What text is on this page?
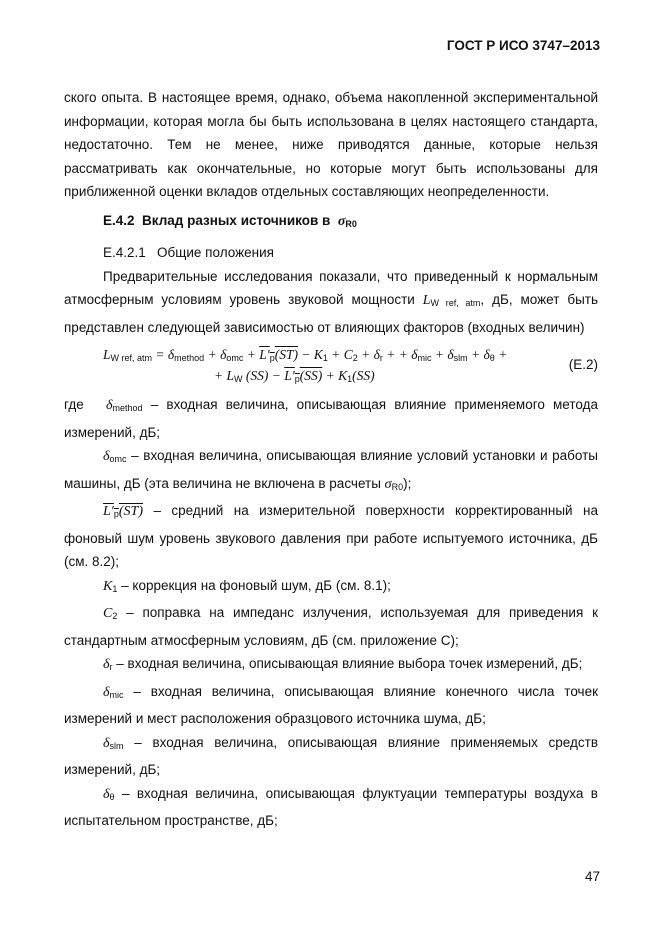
ГОСТ Р ИСО 3747–2013

ского опыта. В настоящее время, однако, объема накопленной экспериментальной информации, которая могла бы быть использована в целях настоящего стандарта, недостаточно. Тем не менее, ниже приводятся данные, которые нельзя рассматривать как окончательные, но которые могут быть использованы для приближенной оценки вкладов отдельных составляющих неопределенности.

Е.4.2 Вклад разных источников в σR0

Е.4.2.1 Общие положения

Предварительные исследования показали, что приведенный к нормальным атмосферным условиям уровень звуковой мощности LW ref, atm, дБ, может быть представлен следующей зависимостью от влияющих факторов (входных величин)

LW ref, atm = δmethod + δomc + L′p(ST) − K1 + C2 + δr + + δmic + δslm + δθ +
+ LW (SS) − L′p(SS) + K1(SS)
(Е.2)

где δmethod – входная величина, описывающая влияние применяемого метода измерений, дБ;

δomc – входная величина, описывающая влияние условий установки и работы машины, дБ (эта величина не включена в расчеты σR0);

L′p(ST) – средний на измерительной поверхности корректированный на фоновый шум уровень звукового давления при работе испытуемого источника, дБ (см. 8.2);

K1 – коррекция на фоновый шум, дБ (см. 8.1);

C2 – поправка на импеданс излучения, используемая для приведения к стандартным атмосферным условиям, дБ (см. приложение С);

δr – входная величина, описывающая влияние выбора точек измерений, дБ;

δmic – входная величина, описывающая влияние конечного числа точек измерений и мест расположения образцового источника шума, дБ;

δslm – входная величина, описывающая влияние применяемых средств измерений, дБ;

δθ – входная величина, описывающая флуктуации температуры воздуха в испытательном пространстве, дБ;

47
